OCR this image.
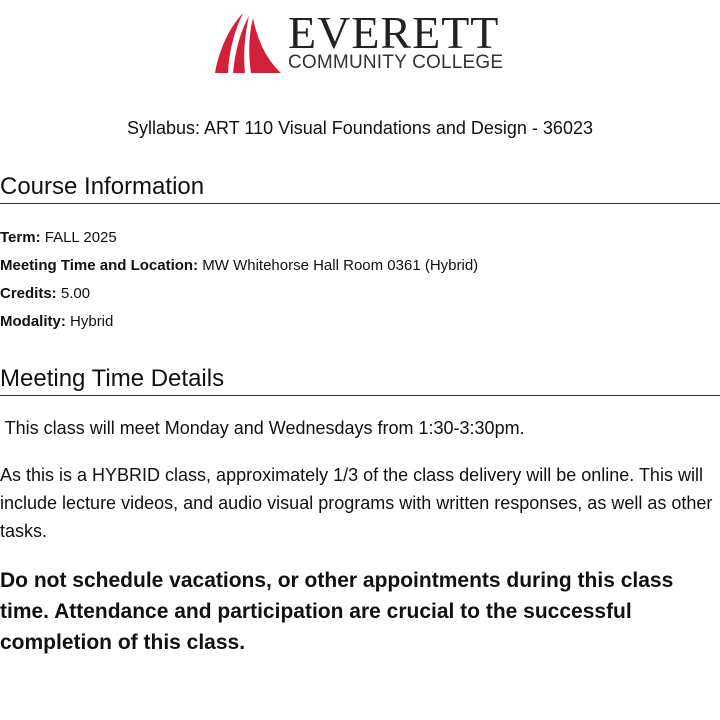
EVERETT
COMMUNITY COLLEGE
Syllabus: ART 110 Visual Foundations and Design - 36023
Course Information
Term: FALL 2025
Meeting Time and Location: MW Whitehorse Hall Room 0361 (Hybrid)
Credits: 5.00
Modality: Hybrid
Meeting Time Details

This class will meet Monday and Wednesdays from 1:30-3:30pm.

As this is a HYBRID class, approximately 1/3 of the class delivery will be online. This will include lecture videos, and audio visual programs with written responses, as well as other tasks.

Do not schedule vacations, or other appointments during this class time. Attendance and participation are crucial to the successful completion of this class.
